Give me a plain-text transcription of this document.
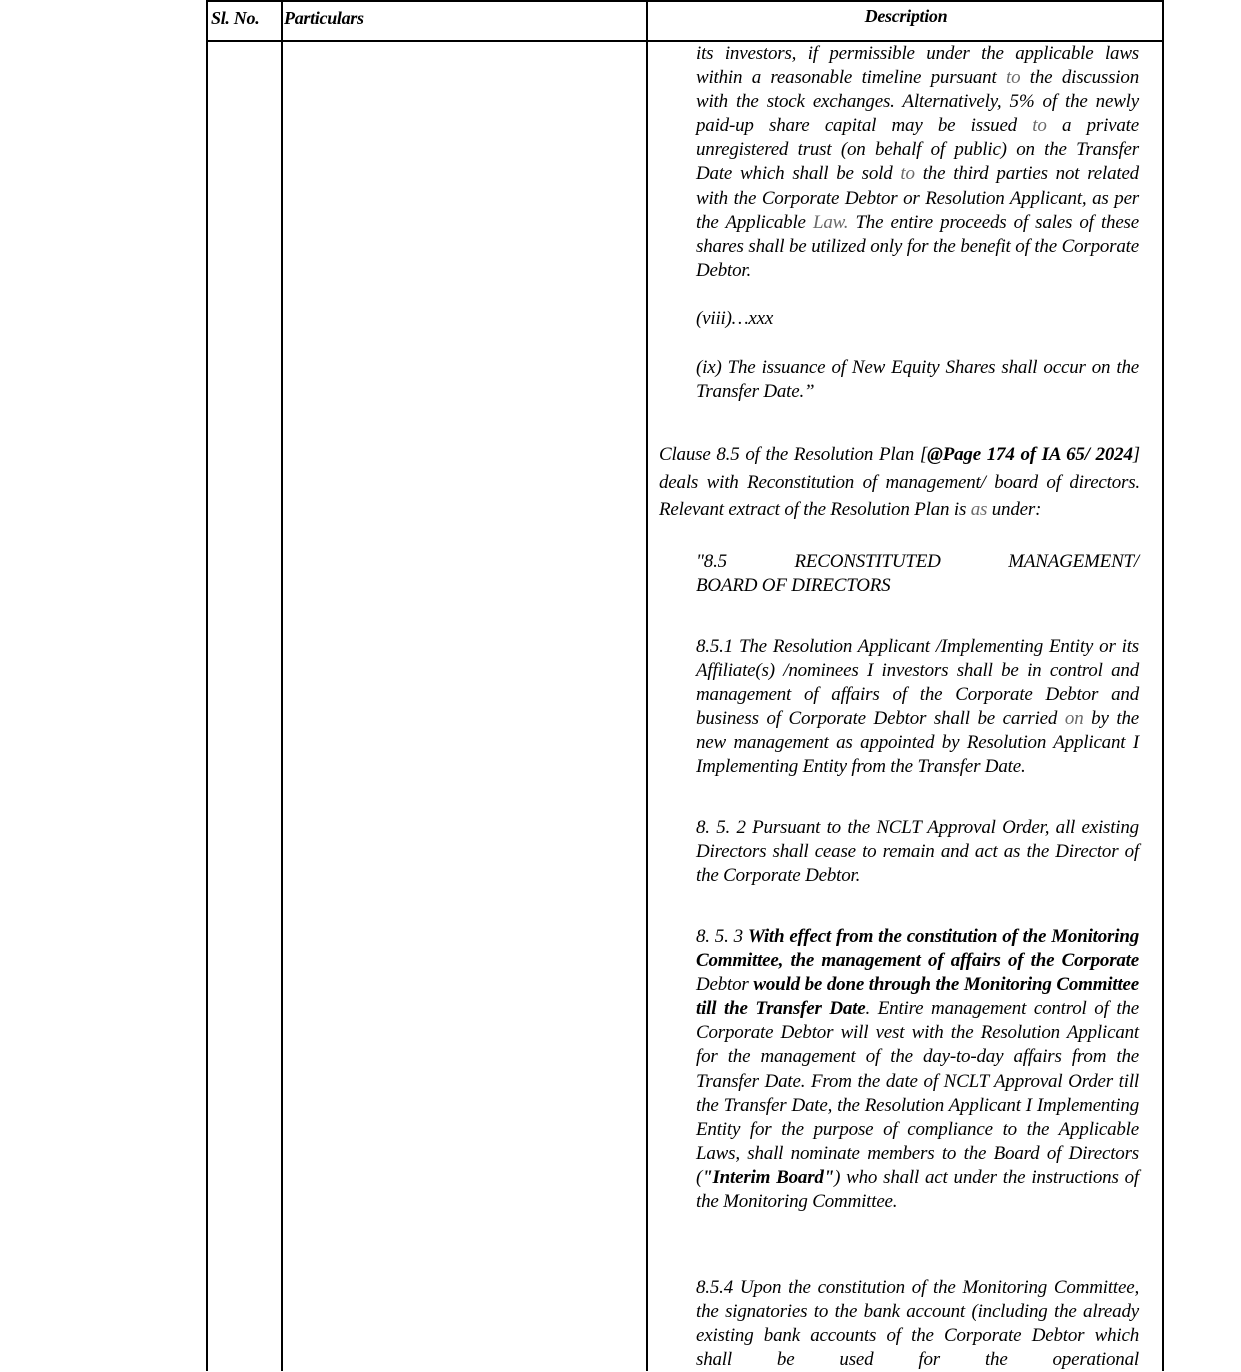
Sl. No. Particulars	Description

its investors, if permissible under the applicable laws within a reasonable timeline pursuant to the discussion with the stock exchanges. Alternatively, 5% of the newly paid-up share capital may be issued to a private unregistered trust (on behalf of public) on the Transfer Date which shall be sold to the third parties not related with the Corporate Debtor or Resolution Applicant, as per the Applicable Law. The entire proceeds of sales of these shares shall be utilized only for the benefit of the Corporate Debtor.

(viii)…xxx
(ix) The issuance of New Equity Shares shall occur on the Transfer Date.”
Clause 8.5 of the Resolution Plan [@Page 174 of IA 65/ 2024] deals with Reconstitution of management/ board of directors. Relevant extract of the Resolution Plan is as under:
"8.5	RECONSTITUTED	MANAGEMENT/
BOARD OF DIRECTORS
8.5.1 The Resolution Applicant /Implementing Entity or its Affiliate(s) /nominees I investors shall be in control and management of affairs of the Corporate Debtor and business of Corporate Debtor shall be carried on by the new management as appointed by Resolution Applicant I Implementing Entity from the Transfer Date.
8. 5. 2 Pursuant to the NCLT Approval Order, all existing Directors shall cease to remain and act as the Director of the Corporate Debtor.
8. 5. 3 With effect from the constitution of the Monitoring Committee, the management of affairs of the Corporate Debtor would be done through the Monitoring Committee till the Transfer Date. Entire management control of the Corporate Debtor will vest with the Resolution Applicant for the management of the day-to-day affairs from the Transfer Date. From the date of NCLT Approval Order till the Transfer Date, the Resolution Applicant I Implementing Entity for the purpose of compliance to the Applicable Laws, shall nominate members to the Board of Directors ("Interim Board") who shall act under the instructions of the Monitoring Committee.
8.5.4 Upon the constitution of the Monitoring Committee, the signatories to the bank account (including the already existing bank accounts of the Corporate Debtor which shall be used for the operational
